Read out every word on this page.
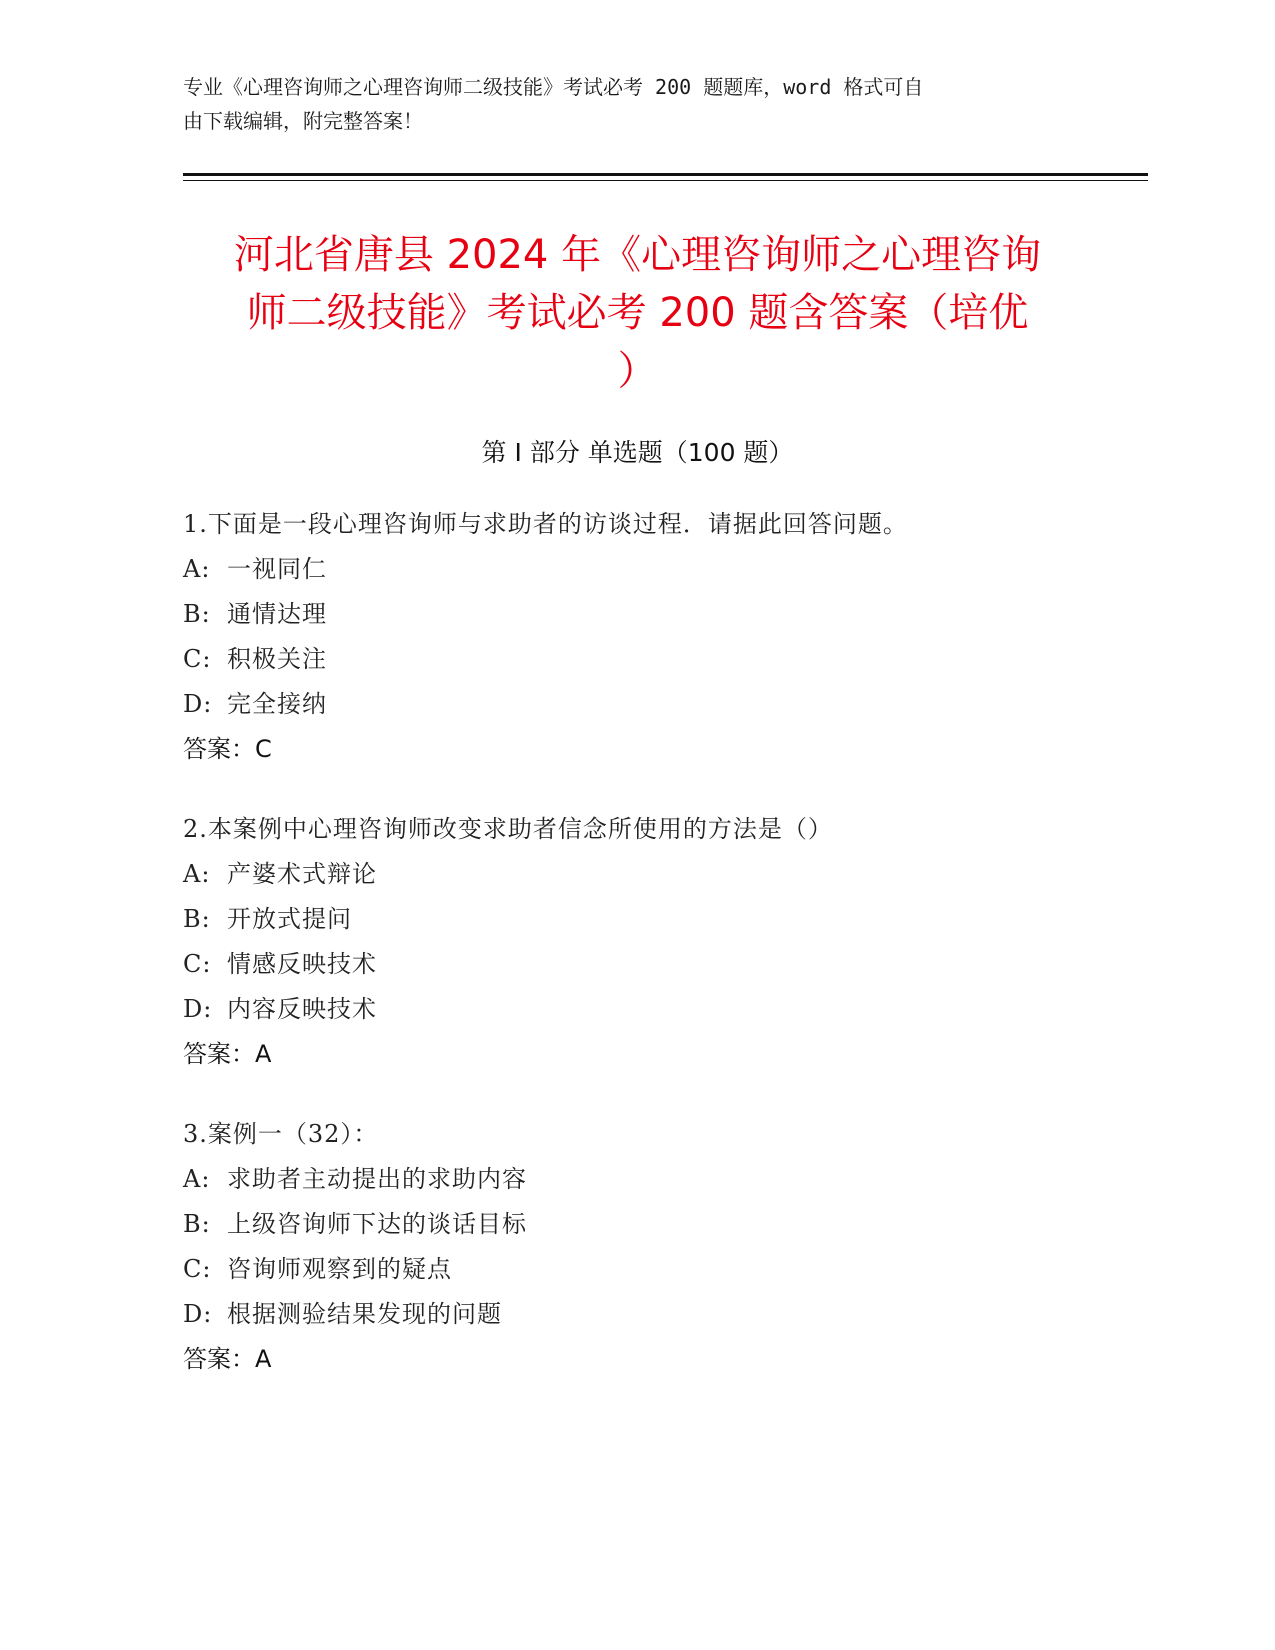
专业《心理咨询师之心理咨询师二级技能》考试必考 200 题题库，word 格式可自
由下载编辑，附完整答案！
河北省唐县 2024 年《心理咨询师之心理咨询
师二级技能》考试必考 200 题含答案（培优
）
第 I 部分 单选题（100 题）
1.下面是一段心理咨询师与求助者的访谈过程．请据此回答问题。
A: 一视同仁
B: 通情达理
C: 积极关注
D: 完全接纳
答案：C
2.本案例中心理咨询师改变求助者信念所使用的方法是（）
A: 产婆术式辩论
B: 开放式提问
C: 情感反映技术
D: 内容反映技术
答案：A
3.案例一（32）：
A: 求助者主动提出的求助内容
B: 上级咨询师下达的谈话目标
C: 咨询师观察到的疑点
D: 根据测验结果发现的问题
答案：A
